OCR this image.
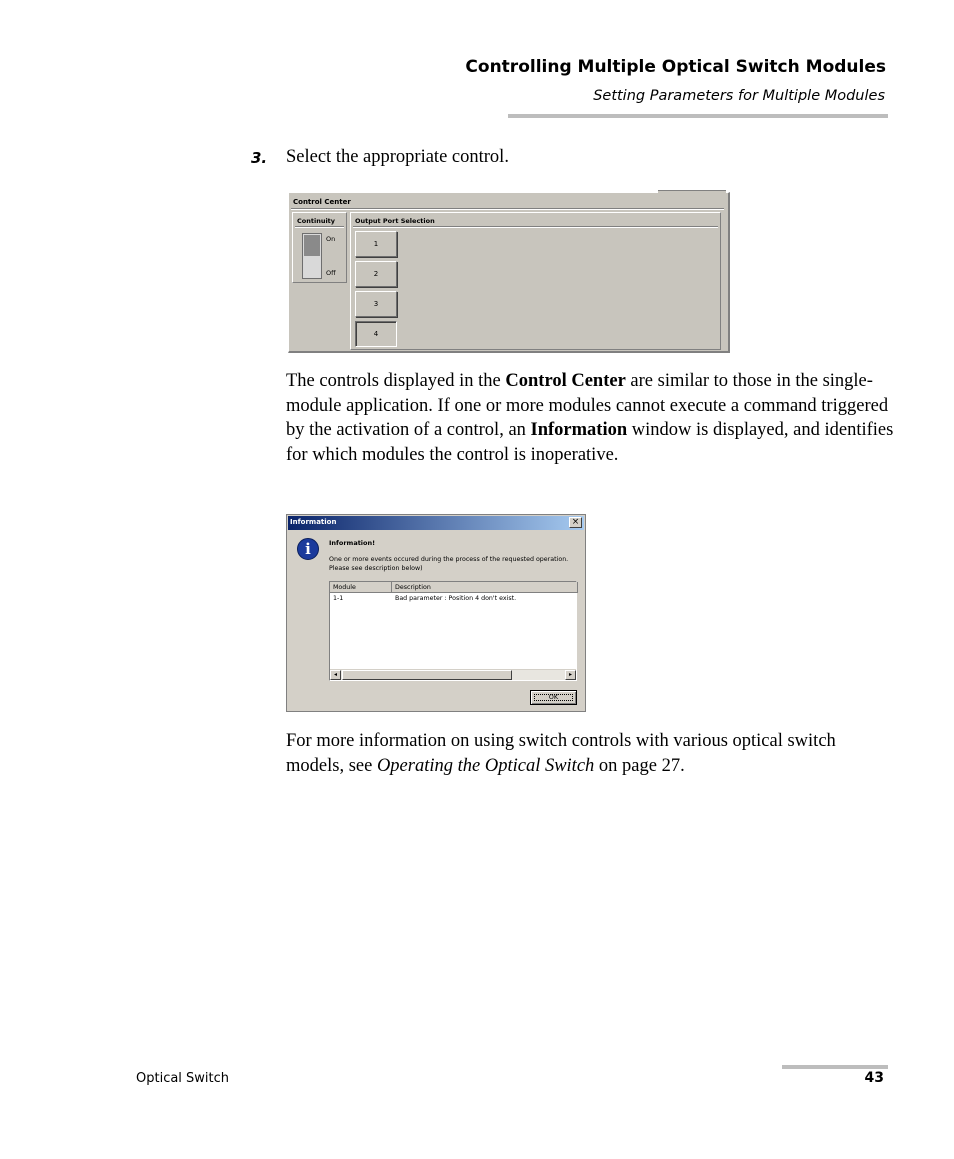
Controlling Multiple Optical Switch Modules
Setting Parameters for Multiple Modules
3. Select the appropriate control.
Control Center
Continuity
On
Off
Output Port Selection
1
2
3
4
The controls displayed in the Control Center are similar to those in the single-module application. If one or more modules cannot execute a command triggered by the activation of a control, an Information window is displayed, and identifies for which modules the control is inoperative.
Information	×
i	Information!
One or more events occured during the process of the requested operation. Please see description below)
Module	Description
1-1	Bad parameter : Position 4 don't exist.
◂	▸
OK
For more information on using switch controls with various optical switch models, see Operating the Optical Switch on page 27.
Optical Switch	43
